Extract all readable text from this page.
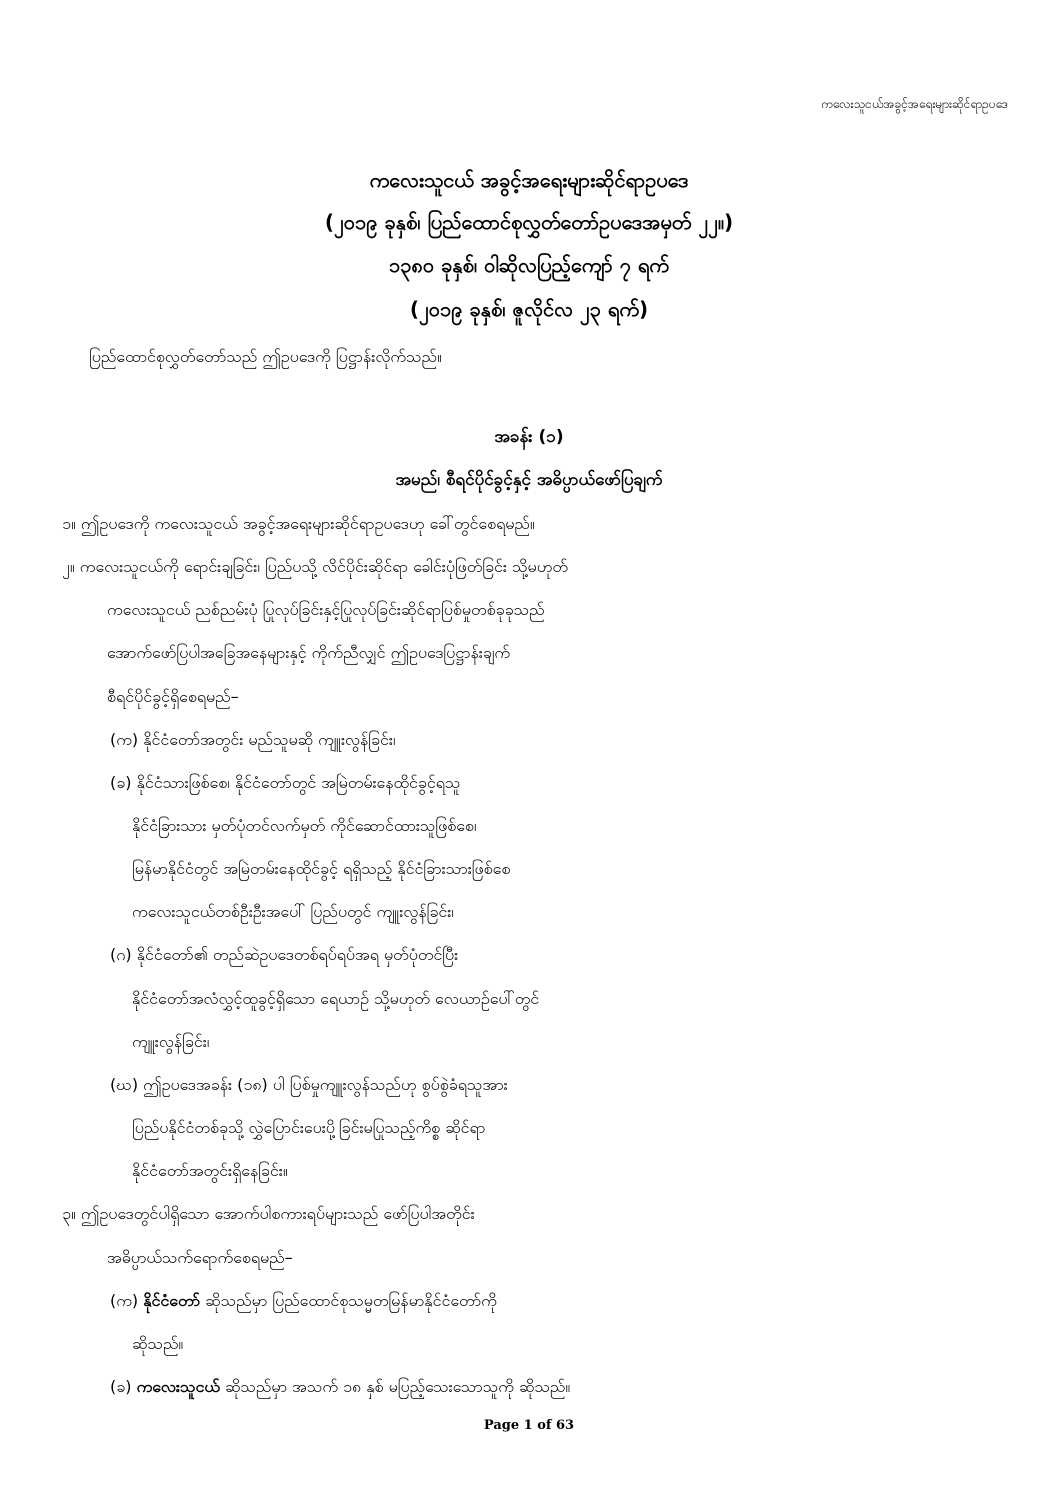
ကလေးသူငယ်အခွင့်အရေးများဆိုင်ရာဥပဒေ
ကလေးသူငယ် အခွင့်အရေးများဆိုင်ရာဥပဒေ
(၂၀၁၉ ခုနှစ်၊ ပြည်ထောင်စုလွှတ်တော်ဥပဒေအမှတ် ၂၂။)
၁၃၈၀ ခုနှစ်၊ ဝါဆိုလပြည့်ကျော် ၇ ရက်
(၂၀၁၉ ခုနှစ်၊ ဇူလိုင်လ ၂၃ ရက်)
ပြည်ထောင်စုလွှတ်တော်သည် ဤဥပဒေကို ပြဋ္ဌာန်းလိုက်သည်။
အခန်း (၁)
အမည်၊ စီရင်ပိုင်ခွင့်နှင့် အဓိပ္ပာယ်ဖော်ပြချက်
၁။ ဤဥပဒေကို ကလေးသူငယ် အခွင့်အရေးများဆိုင်ရာဥပဒေဟု ခေါ်တွင်စေရမည်။
၂။ ကလေးသူငယ်ကို ရောင်းချခြင်း၊ ပြည်ပသို့ လိင်ပိုင်းဆိုင်ရာ ခေါင်းပုံဖြတ်ခြင်း သို့မဟုတ်
ကလေးသူငယ် ညစ်ညမ်းပုံ ပြုလုပ်ခြင်းနှင့်ပြုလုပ်ခြင်းဆိုင်ရာပြစ်မှုတစ်ခုခုသည်
အောက်ဖော်ပြပါအခြေအနေများနှင့် ကိုက်ညီလျှင် ဤဥပဒေပြဋ္ဌာန်းချက်
စီရင်ပိုင်ခွင့်ရှိစေရမည်–
(က) နိုင်ငံတော်အတွင်း မည်သူမဆို ကျူးလွန်ခြင်း၊
(ခ) နိုင်ငံသားဖြစ်စေ၊ နိုင်ငံတော်တွင် အမြဲတမ်းနေထိုင်ခွင့်ရသူ
နိုင်ငံခြားသား မှတ်ပုံတင်လက်မှတ် ကိုင်ဆောင်ထားသူဖြစ်စေ၊
မြန်မာနိုင်ငံတွင် အမြဲတမ်းနေထိုင်ခွင့် ရရှိသည့် နိုင်ငံခြားသားဖြစ်စေ
ကလေးသူငယ်တစ်ဦးဦးအပေါ် ပြည်ပတွင် ကျူးလွန်ခြင်း၊
(ဂ) နိုင်ငံတော်၏ တည်ဆဲဥပဒေတစ်ရပ်ရပ်အရ မှတ်ပုံတင်ပြီး
နိုင်ငံတော်အလံလွှင့်ထူခွင့်ရှိသော ရေယာဉ် သို့မဟုတ် လေယာဉ်ပေါ်တွင်
ကျူးလွန်ခြင်း၊
(ဃ) ဤဥပဒေအခန်း (၁၈) ပါ ပြစ်မှုကျူးလွန်သည်ဟု စွပ်စွဲခံရသူအား
ပြည်ပနိုင်ငံတစ်ခုသို့ လွှဲပြောင်းပေးပို့ခြင်းမပြုသည့်ကိစ္စ ဆိုင်ရာ
နိုင်ငံတော်အတွင်းရှိနေခြင်း။
၃။ ဤဥပဒေတွင်ပါရှိသော အောက်ပါစကားရပ်များသည် ဖော်ပြပါအတိုင်း
အဓိပ္ပာယ်သက်ရောက်စေရမည်–
(က) နိုင်ငံတော် ဆိုသည်မှာ ပြည်ထောင်စုသမ္မတမြန်မာနိုင်ငံတော်ကို
ဆိုသည်။
(ခ) ကလေးသူငယ် ဆိုသည်မှာ အသက် ၁၈ နှစ် မပြည့်သေးသောသူကို ဆိုသည်။
Page 1 of 63
